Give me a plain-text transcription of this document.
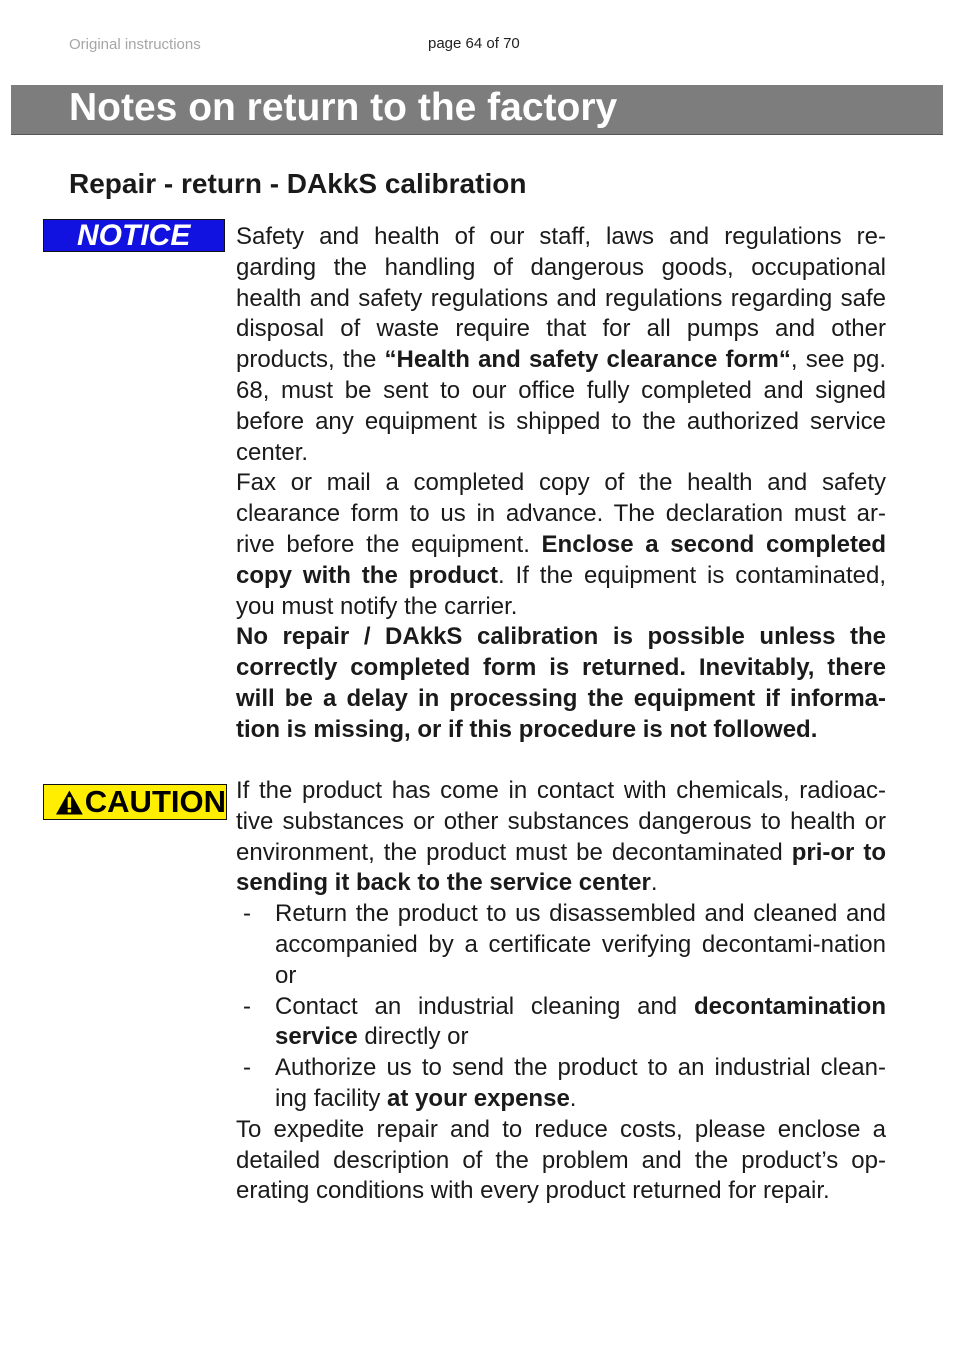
Original instructions	page 64 of 70
Notes on return to the factory
Repair - return - DAkkS calibration
NOTICE	Safety and health of our staff, laws and regulations re-garding the handling of dangerous goods, occupational health and safety regulations and regulations regarding safe disposal of waste require that for all pumps and other products, the “Health and safety clearance form“, see pg. 68, must be sent to our office fully completed and signed before any equipment is shipped to the authorized service center.

Fax or mail a completed copy of the health and safety clearance form to us in advance. The declaration must ar-rive before the equipment. Enclose a second completed copy with the product. If the equipment is contaminated, you must notify the carrier.

No repair / DAkkS calibration is possible unless the correctly completed form is returned. Inevitably, there will be a delay in processing the equipment if informa-tion is missing, or if this procedure is not followed.

CAUTION If the product has come in contact with chemicals, radioac-tive substances or other substances dangerous to health or environment, the product must be decontaminated pri-or to sending it back to the service center.

- Return the product to us disassembled and cleaned and accompanied by a certificate verifying decontami-nation or
- Contact an industrial cleaning and decontamination service directly or
- Authorize us to send the product to an industrial clean-ing facility at your expense.

To expedite repair and to reduce costs, please enclose a detailed description of the problem and the product’s op-erating conditions with every product returned for repair.
